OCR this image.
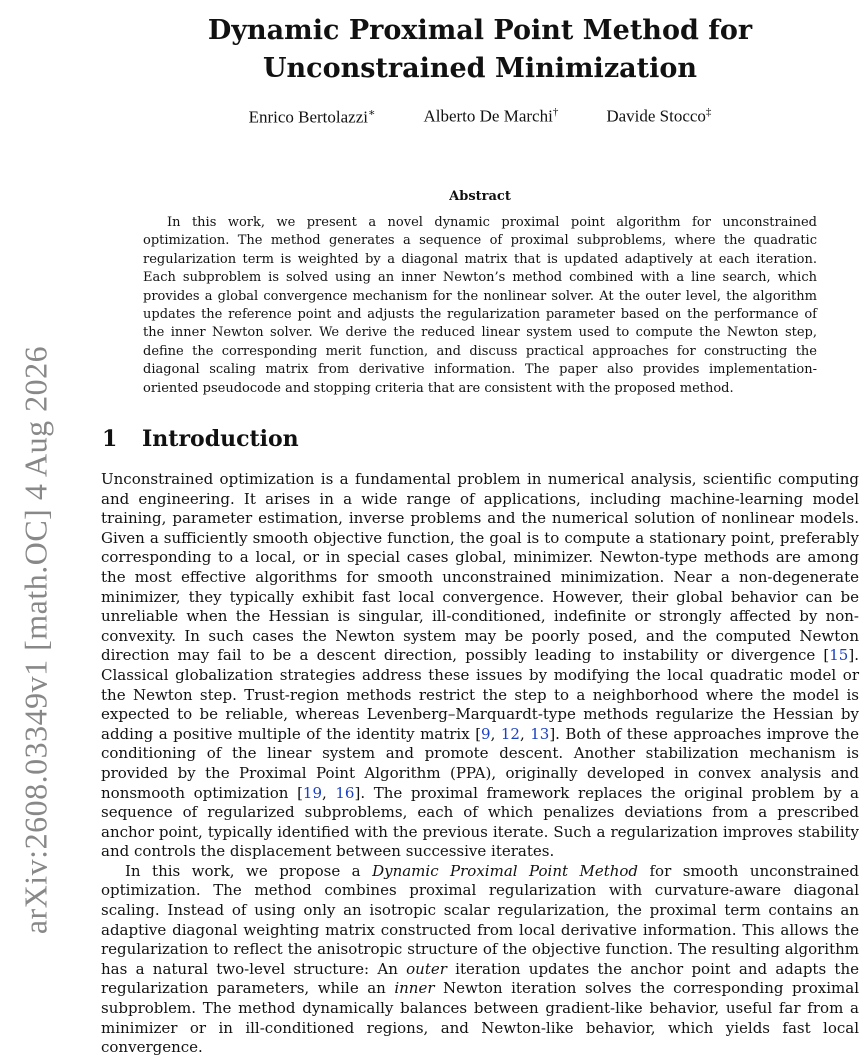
arXiv:2608.03349v1 [math.OC] 4 Aug 2026
Dynamic Proximal Point Method for Unconstrained Minimization
Enrico Bertolazzi∗	Alberto De Marchi†	Davide Stocco‡
Abstract

In this work, we present a novel dynamic proximal point algorithm for unconstrained optimization. The method generates a sequence of proximal subproblems, where the quadratic regularization term is weighted by a diagonal matrix that is updated adaptively at each iteration. Each subproblem is solved using an inner Newton’s method combined with a line search, which provides a global convergence mechanism for the nonlinear solver. At the outer level, the algorithm updates the reference point and adjusts the regularization parameter based on the performance of the inner Newton solver. We derive the reduced linear system used to compute the Newton step, define the corresponding merit function, and discuss practical approaches for constructing the diagonal scaling matrix from derivative information. The paper also provides implementation-oriented pseudocode and stopping criteria that are consistent with the proposed method.

1 Introduction

Unconstrained optimization is a fundamental problem in numerical analysis, scientific computing and engineering. It arises in a wide range of applications, including machine-learning model training, parameter estimation, inverse problems and the numerical solution of nonlinear models. Given a sufficiently smooth objective function, the goal is to compute a stationary point, preferably corresponding to a local, or in special cases global, minimizer. Newton-type methods are among the most effective algorithms for smooth unconstrained minimization. Near a non-degenerate minimizer, they typically exhibit fast local convergence. However, their global behavior can be unreliable when the Hessian is singular, ill-conditioned, indefinite or strongly affected by non-convexity. In such cases the Newton system may be poorly posed, and the computed Newton direction may fail to be a descent direction, possibly leading to instability or divergence [15]. Classical globalization strategies address these issues by modifying the local quadratic model or the Newton step. Trust-region methods restrict the step to a neighborhood where the model is expected to be reliable, whereas Levenberg–Marquardt-type methods regularize the Hessian by adding a positive multiple of the identity matrix [9, 12, 13]. Both of these approaches improve the conditioning of the linear system and promote descent. Another stabilization mechanism is provided by the Proximal Point Algorithm (PPA), originally developed in convex analysis and nonsmooth optimization [19, 16]. The proximal framework replaces the original problem by a sequence of regularized subproblems, each of which penalizes deviations from a prescribed anchor point, typically identified with the previous iterate. Such a regularization improves stability and controls the displacement between successive iterates.

In this work, we propose a Dynamic Proximal Point Method for smooth unconstrained optimization. The method combines proximal regularization with curvature-aware diagonal scaling. Instead of using only an isotropic scalar regularization, the proximal term contains an adaptive diagonal weighting matrix constructed from local derivative information. This allows the regularization to reflect the anisotropic structure of the objective function. The resulting algorithm has a natural two-level structure: An outer iteration updates the anchor point and adapts the regularization parameters, while an inner Newton iteration solves the corresponding proximal subproblem. The method dynamically balances between gradient-like behavior, useful far from a minimizer or in ill-conditioned regions, and Newton-like behavior, which yields fast local convergence.
